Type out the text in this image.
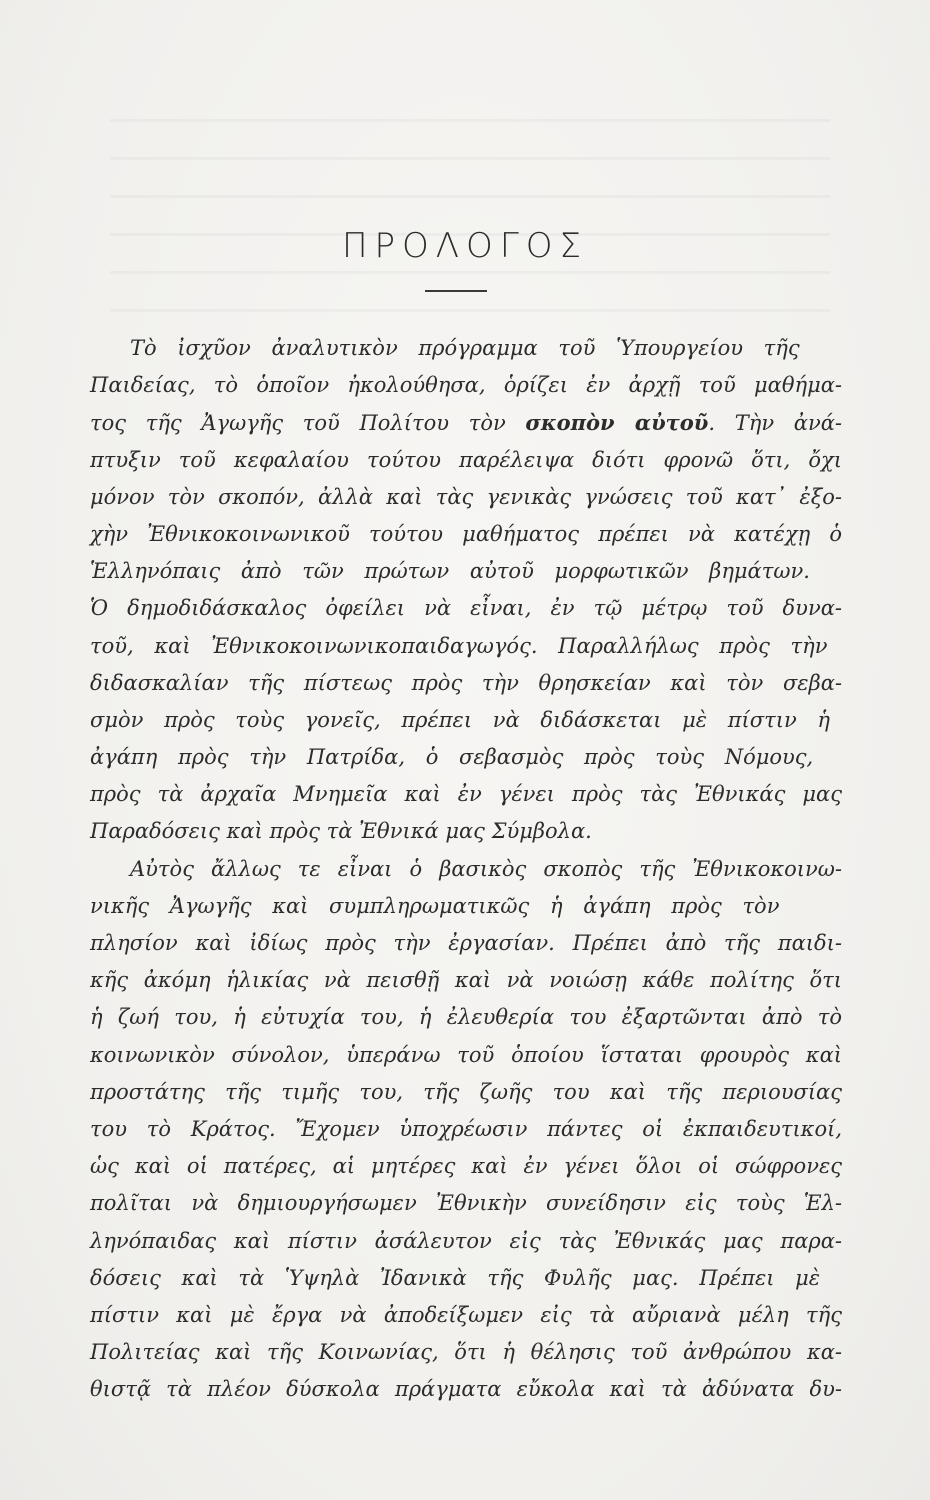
ΠΡΟΛΟΓΟΣ
Τὸ ἰσχῦον ἀναλυτικὸν πρόγραμμα τοῦ Ὑπουργείου τῆς
Παιδείας, τὸ ὁποῖον ἠκολούθησα, ὁρίζει ἐν ἀρχῇ τοῦ μαθήμα-
τος τῆς Ἀγωγῆς τοῦ Πολίτου τὸν σκοπὸν αὐτοῦ. Τὴν ἀνά-
πτυξιν τοῦ κεφαλαίου τούτου παρέλειψα διότι φρονῶ ὅτι, ὄχι
μόνον τὸν σκοπόν, ἀλλὰ καὶ τὰς γενικὰς γνώσεις τοῦ κατ᾽ ἐξο-
χὴν Ἐθνικοκοινωνικοῦ τούτου μαθήματος πρέπει νὰ κατέχῃ ὁ
Ἑλληνόπαις ἀπὸ τῶν πρώτων αὐτοῦ μορφωτικῶν βημάτων.
Ὁ δημοδιδάσκαλος ὀφείλει νὰ εἶναι, ἐν τῷ μέτρῳ τοῦ δυνα-
τοῦ, καὶ Ἐθνικοκοινωνικοπαιδαγωγός. Παραλλήλως πρὸς τὴν
διδασκαλίαν τῆς πίστεως πρὸς τὴν θρησκείαν καὶ τὸν σεβα-
σμὸν πρὸς τοὺς γονεῖς, πρέπει νὰ διδάσκεται μὲ πίστιν ἡ
ἀγάπη πρὸς τὴν Πατρίδα, ὁ σεβασμὸς πρὸς τοὺς Νόμους,
πρὸς τὰ ἀρχαῖα Μνημεῖα καὶ ἐν γένει πρὸς τὰς Ἐθνικάς μας
Παραδόσεις καὶ πρὸς τὰ Ἐθνικά μας Σύμβολα.
Αὐτὸς ἄλλως τε εἶναι ὁ βασικὸς σκοπὸς τῆς Ἐθνικοκοινω-
νικῆς Ἀγωγῆς καὶ συμπληρωματικῶς ἡ ἀγάπη πρὸς τὸν
πλησίον καὶ ἰδίως πρὸς τὴν ἐργασίαν. Πρέπει ἀπὸ τῆς παιδι-
κῆς ἀκόμη ἡλικίας νὰ πεισθῇ καὶ νὰ νοιώσῃ κάθε πολίτης ὅτι
ἡ ζωή του, ἡ εὐτυχία του, ἡ ἐλευθερία του ἐξαρτῶνται ἀπὸ τὸ
κοινωνικὸν σύνολον, ὑπεράνω τοῦ ὁποίου ἵσταται φρουρὸς καὶ
προστάτης τῆς τιμῆς του, τῆς ζωῆς του καὶ τῆς περιουσίας
του τὸ Κράτος. Ἔχομεν ὑποχρέωσιν πάντες οἱ ἐκπαιδευτικοί,
ὡς καὶ οἱ πατέρες, αἱ μητέρες καὶ ἐν γένει ὅλοι οἱ σώφρονες
πολῖται νὰ δημιουργήσωμεν Ἐθνικὴν συνείδησιν εἰς τοὺς Ἑλ-
ληνόπαιδας καὶ πίστιν ἀσάλευτον εἰς τὰς Ἐθνικάς μας παρα-
δόσεις καὶ τὰ Ὑψηλὰ Ἰδανικὰ τῆς Φυλῆς μας. Πρέπει μὲ
πίστιν καὶ μὲ ἔργα νὰ ἀποδείξωμεν εἰς τὰ αὔριανὰ μέλη τῆς
Πολιτείας καὶ τῆς Κοινωνίας, ὅτι ἡ θέλησις τοῦ ἀνθρώπου κα-
θιστᾷ τὰ πλέον δύσκολα πράγματα εὔκολα καὶ τὰ ἀδύνατα δυ-
